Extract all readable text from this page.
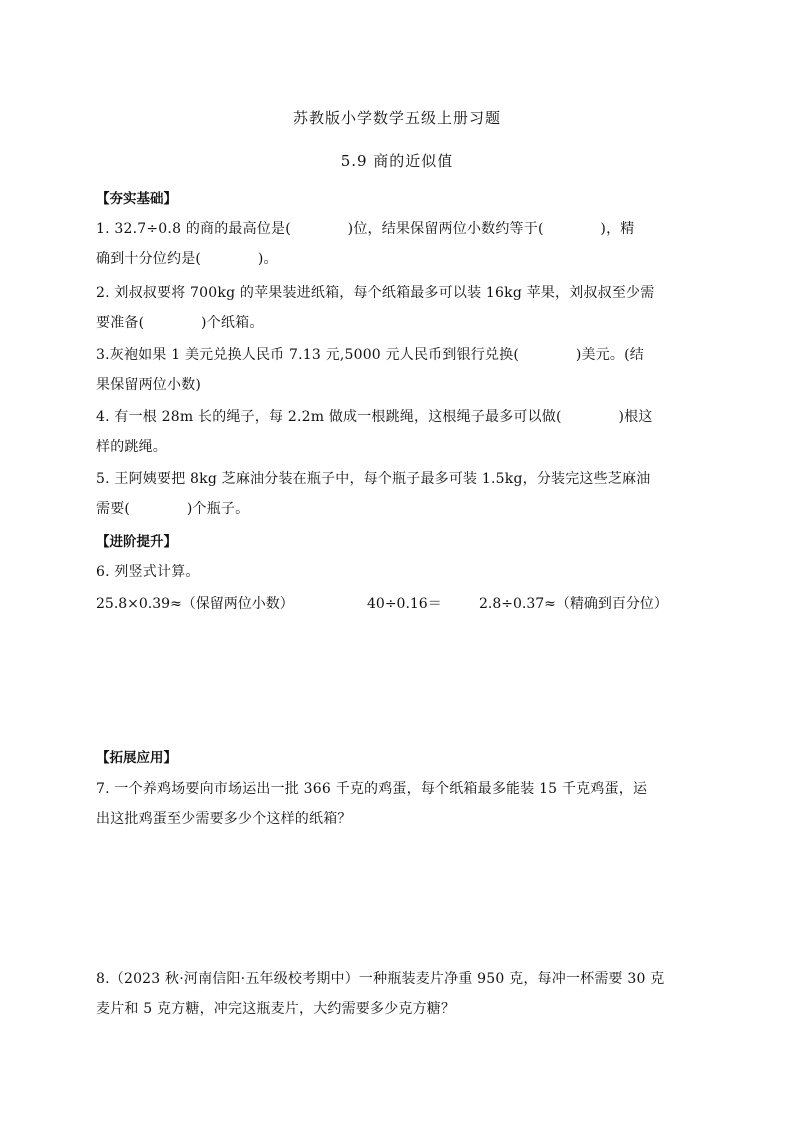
苏教版小学数学五级上册习题
5.9 商的近似值
【夯实基础】
1. 32.7÷0.8 的商的最高位是(　　　　)位，结果保留两位小数约等于(　　　　)，精
确到十分位约是(　　　　)。
2. 刘叔叔要将 700kg 的苹果装进纸箱，每个纸箱最多可以装 16kg 苹果，刘叔叔至少需
要准备(　　　　)个纸箱。
3.灰袍如果 1 美元兑换人民币 7.13 元,5000 元人民币到银行兑换(　　　　)美元。(结
果保留两位小数)
4. 有一根 28m 长的绳子，每 2.2m 做成一根跳绳，这根绳子最多可以做(　　　　)根这
样的跳绳。
5. 王阿姨要把 8kg 芝麻油分装在瓶子中，每个瓶子最多可装 1.5kg，分装完这些芝麻油
需要(　　　　)个瓶子。
【进阶提升】
6. 列竖式计算。
25.8×0.39≈（保留两位小数）	40÷0.16＝	2.8÷0.37≈（精确到百分位）
【拓展应用】
7. 一个养鸡场要向市场运出一批 366 千克的鸡蛋，每个纸箱最多能装 15 千克鸡蛋，运
出这批鸡蛋至少需要多少个这样的纸箱？
8.（2023 秋·河南信阳·五年级校考期中）一种瓶装麦片净重 950 克，每冲一杯需要 30 克
麦片和 5 克方糖，冲完这瓶麦片，大约需要多少克方糖？
